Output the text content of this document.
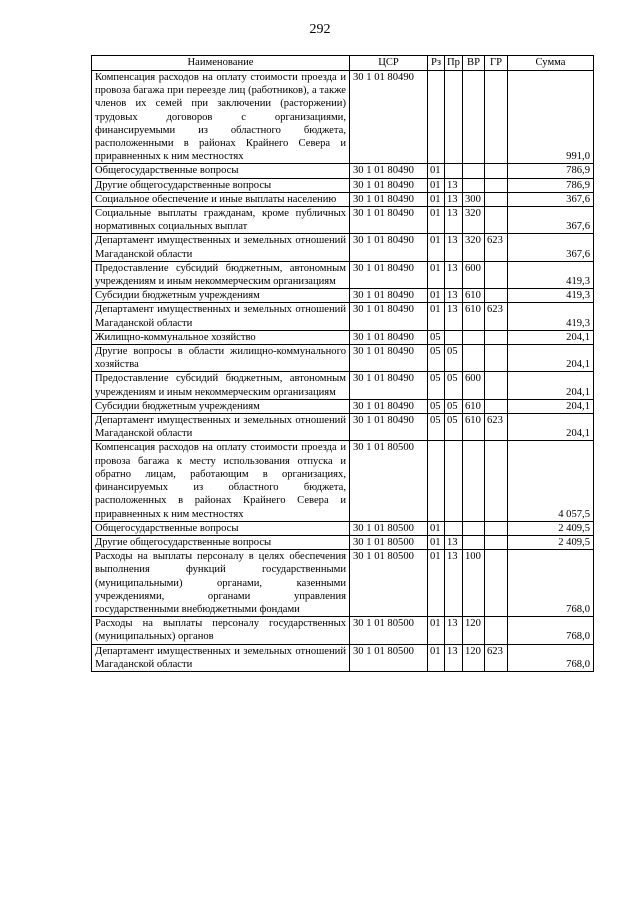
292
Наименование	ЦСР	Рз	Пр	ВР	ГР	Сумма
Компенсация расходов на оплату стоимости проезда и провоза багажа при переезде лиц (работников), а также членов их семей при заключении (расторжении) трудовых договоров с организациями, финансируемыми из областного бюджета, расположенными в районах Крайнего Севера и приравненных к ним местностях	30 1 01 80490					991,0
Общегосударственные вопросы	30 1 01 80490	01				786,9
Другие общегосударственные вопросы	30 1 01 80490	01	13			786,9
Социальное обеспечение и иные выплаты населению	30 1 01 80490	01	13	300		367,6
Социальные выплаты гражданам, кроме публичных нормативных социальных выплат	30 1 01 80490	01	13	320		367,6
Департамент имущественных и земельных отношений Магаданской области	30 1 01 80490	01	13	320	623	367,6
Предоставление субсидий бюджетным, автономным учреждениям и иным некоммерческим организациям	30 1 01 80490	01	13	600		419,3
Субсидии бюджетным учреждениям	30 1 01 80490	01	13	610		419,3
Департамент имущественных и земельных отношений Магаданской области	30 1 01 80490	01	13	610	623	419,3
Жилищно-коммунальное хозяйство	30 1 01 80490	05				204,1
Другие вопросы в области жилищно-коммунального хозяйства	30 1 01 80490	05	05			204,1
Предоставление субсидий бюджетным, автономным учреждениям и иным некоммерческим организациям	30 1 01 80490	05	05	600		204,1
Субсидии бюджетным учреждениям	30 1 01 80490	05	05	610		204,1
Департамент имущественных и земельных отношений Магаданской области	30 1 01 80490	05	05	610	623	204,1
Компенсация расходов на оплату стоимости проезда и провоза багажа к месту использования отпуска и обратно лицам, работающим в организациях, финансируемых из областного бюджета, расположенных в районах Крайнего Севера и приравненных к ним местностях	30 1 01 80500					4 057,5
Общегосударственные вопросы	30 1 01 80500	01				2 409,5
Другие общегосударственные вопросы	30 1 01 80500	01	13			2 409,5
Расходы на выплаты персоналу в целях обеспечения выполнения функций государственными (муниципальными) органами, казенными учреждениями, органами управления государственными внебюджетными фондами	30 1 01 80500	01	13	100		768,0
Расходы на выплаты персоналу государственных (муниципальных) органов	30 1 01 80500	01	13	120		768,0
Департамент имущественных и земельных отношений Магаданской области	30 1 01 80500	01	13	120	623	768,0
